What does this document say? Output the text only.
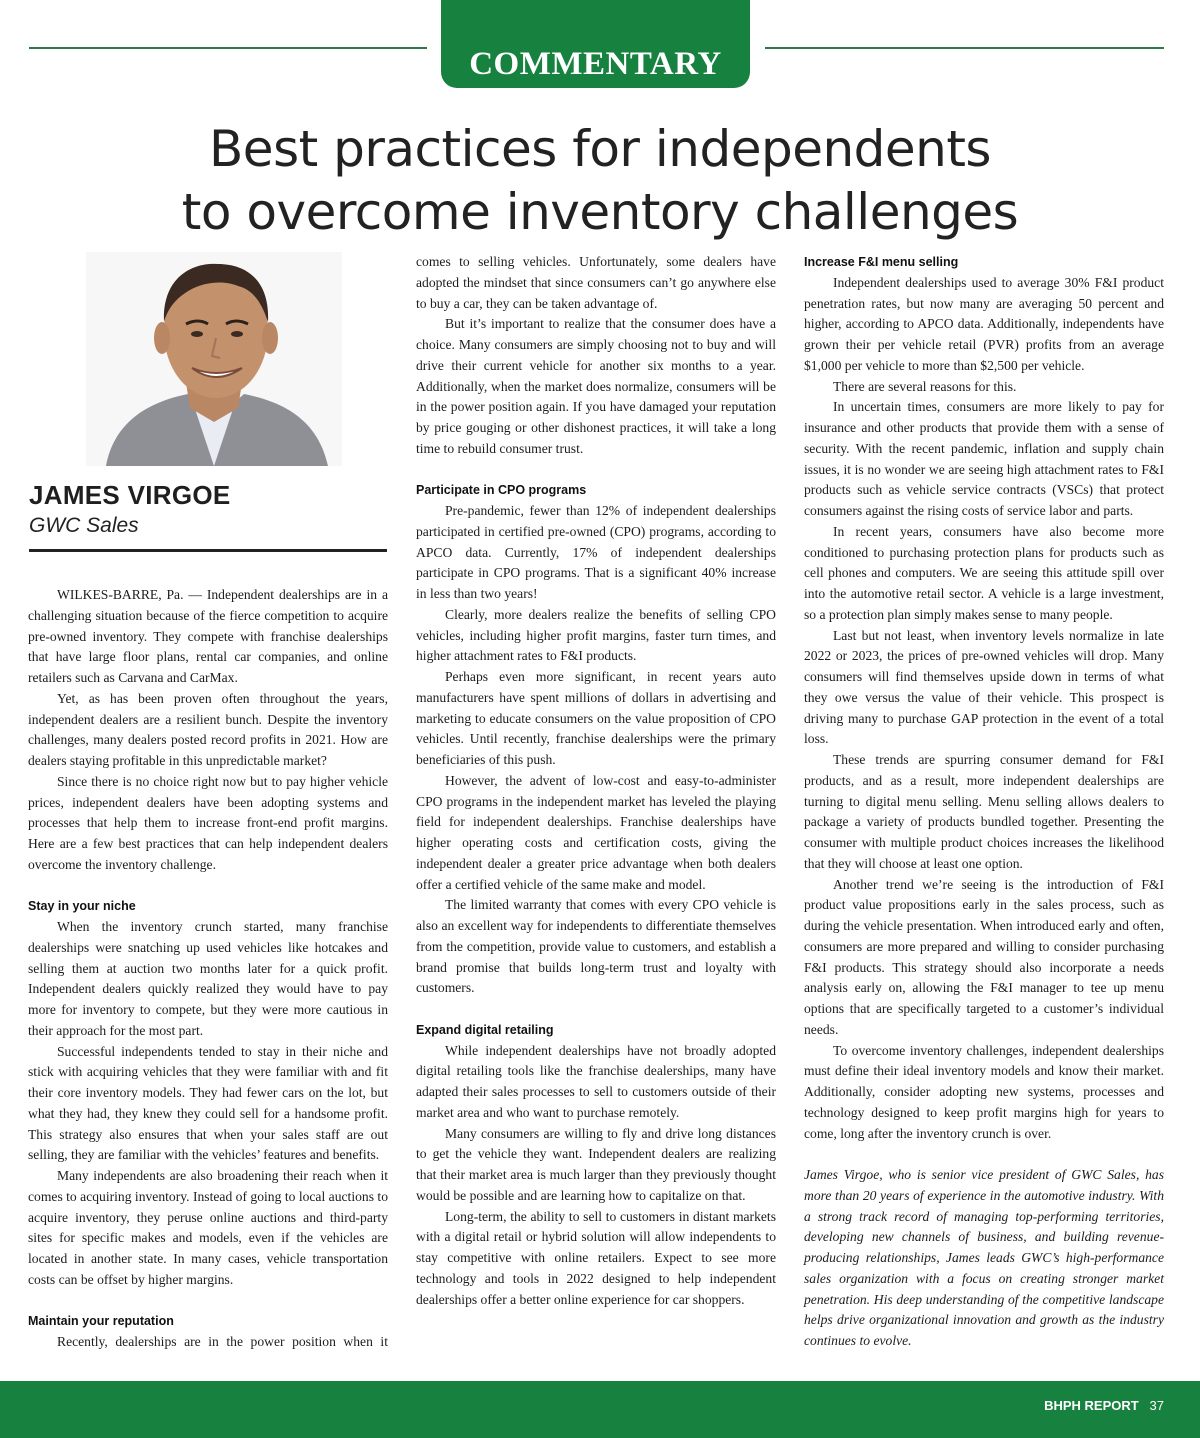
COMMENTARY
Best practices for independents
to overcome inventory challenges
JAMES VIRGOE
GWC Sales

WILKES-BARRE, Pa. — Independent dealerships are in a challenging situation because of the fierce competition to acquire pre-owned inventory. They compete with franchise dealerships that have large floor plans, rental car companies, and online retailers such as Carvana and CarMax.

Yet, as has been proven often throughout the years, independent dealers are a resilient bunch. Despite the inventory challenges, many dealers posted record profits in 2021. How are dealers staying profitable in this unpredictable market?

Since there is no choice right now but to pay higher vehicle prices, independent dealers have been adopting systems and processes that help them to increase front-end profit margins. Here are a few best practices that can help independent dealers overcome the inventory challenge.

Stay in your niche

When the inventory crunch started, many franchise dealerships were snatching up used vehicles like hotcakes and selling them at auction two months later for a quick profit. Independent dealers quickly realized they would have to pay more for inventory to compete, but they were more cautious in their approach for the most part.

Successful independents tended to stay in their niche and stick with acquiring vehicles that they were familiar with and fit their core inventory models. They had fewer cars on the lot, but what they had, they knew they could sell for a handsome profit. This strategy also ensures that when your sales staff are out selling, they are familiar with the vehicles’ features and benefits.

Many independents are also broadening their reach when it comes to acquiring inventory. Instead of going to local auctions to acquire inventory, they peruse online auctions and third-party sites for specific makes and models, even if the vehicles are located in another state. In many cases, vehicle transportation costs can be offset by higher margins.

Maintain your reputation

Recently, dealerships are in the power position when it

comes to selling vehicles. Unfortunately, some dealers have adopted the mindset that since consumers can’t go anywhere else to buy a car, they can be taken advantage of.

But it’s important to realize that the consumer does have a choice. Many consumers are simply choosing not to buy and will drive their current vehicle for another six months to a year. Additionally, when the market does normalize, consumers will be in the power position again. If you have damaged your reputation by price gouging or other dishonest practices, it will take a long time to rebuild consumer trust.

Participate in CPO programs

Pre-pandemic, fewer than 12% of independent dealerships participated in certified pre-owned (CPO) programs, according to APCO data. Currently, 17% of independent dealerships participate in CPO programs. That is a significant 40% increase in less than two years!

Clearly, more dealers realize the benefits of selling CPO vehicles, including higher profit margins, faster turn times, and higher attachment rates to F&I products.

Perhaps even more significant, in recent years auto manufacturers have spent millions of dollars in advertising and marketing to educate consumers on the value proposition of CPO vehicles. Until recently, franchise dealerships were the primary beneficiaries of this push.

However, the advent of low-cost and easy-to-administer CPO programs in the independent market has leveled the playing field for independent dealerships. Franchise dealerships have higher operating costs and certification costs, giving the independent dealer a greater price advantage when both dealers offer a certified vehicle of the same make and model.

The limited warranty that comes with every CPO vehicle is also an excellent way for independents to differentiate themselves from the competition, provide value to customers, and establish a brand promise that builds long-term trust and loyalty with customers.

Expand digital retailing

While independent dealerships have not broadly adopted digital retailing tools like the franchise dealerships, many have adapted their sales processes to sell to customers outside of their market area and who want to purchase remotely.

Many consumers are willing to fly and drive long distances to get the vehicle they want. Independent dealers are realizing that their market area is much larger than they previously thought would be possible and are learning how to capitalize on that.

Long-term, the ability to sell to customers in distant markets with a digital retail or hybrid solution will allow independents to stay competitive with online retailers. Expect to see more technology and tools in 2022 designed to help independent dealerships offer a better online experience for car shoppers.

Increase F&I menu selling

Independent dealerships used to average 30% F&I product penetration rates, but now many are averaging 50 percent and higher, according to APCO data. Additionally, independents have grown their per vehicle retail (PVR) profits from an average $1,000 per vehicle to more than $2,500 per vehicle.

There are several reasons for this.

In uncertain times, consumers are more likely to pay for insurance and other products that provide them with a sense of security. With the recent pandemic, inflation and supply chain issues, it is no wonder we are seeing high attachment rates to F&I products such as vehicle service contracts (VSCs) that protect consumers against the rising costs of service labor and parts.

In recent years, consumers have also become more conditioned to purchasing protection plans for products such as cell phones and computers. We are seeing this attitude spill over into the automotive retail sector. A vehicle is a large investment, so a protection plan simply makes sense to many people.

Last but not least, when inventory levels normalize in late 2022 or 2023, the prices of pre-owned vehicles will drop. Many consumers will find themselves upside down in terms of what they owe versus the value of their vehicle. This prospect is driving many to purchase GAP protection in the event of a total loss.

These trends are spurring consumer demand for F&I products, and as a result, more independent dealerships are turning to digital menu selling. Menu selling allows dealers to package a variety of products bundled together. Presenting the consumer with multiple product choices increases the likelihood that they will choose at least one option.

Another trend we’re seeing is the introduction of F&I product value propositions early in the sales process, such as during the vehicle presentation. When introduced early and often, consumers are more prepared and willing to consider purchasing F&I products. This strategy should also incorporate a needs analysis early on, allowing the F&I manager to tee up menu options that are specifically targeted to a customer’s individual needs.

To overcome inventory challenges, independent dealerships must define their ideal inventory models and know their market. Additionally, consider adopting new systems, processes and technology designed to keep profit margins high for years to come, long after the inventory crunch is over.

James Virgoe, who is senior vice president of GWC Sales, has more than 20 years of experience in the automotive industry. With a strong track record of managing top-performing territories, developing new channels of business, and building revenue-producing relationships, James leads GWC’s high-performance sales organization with a focus on creating stronger market penetration. His deep understanding of the competitive landscape helps drive organizational innovation and growth as the industry continues to evolve.

BHPH REPORT 37
